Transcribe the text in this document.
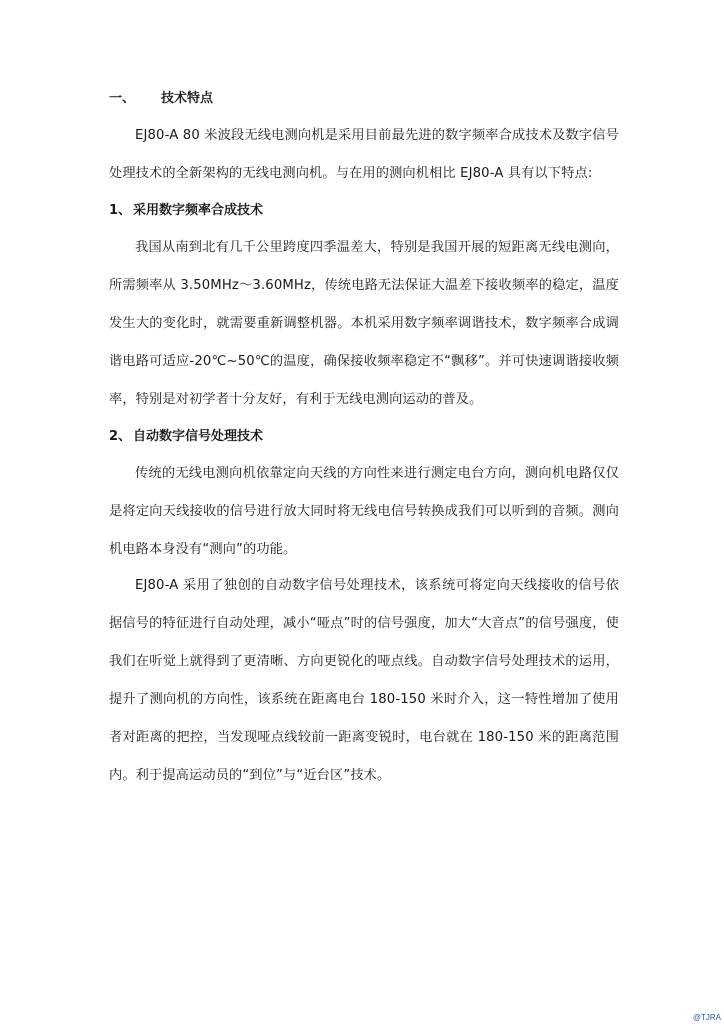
一、 技术特点

EJ80-A 80 米波段无线电测向机是采用目前最先进的数字频率合成技术及数字信号处理技术的全新架构的无线电测向机。与在用的测向机相比 EJ80-A 具有以下特点:

1、 采用数字频率合成技术

我国从南到北有几千公里跨度四季温差大，特别是我国开展的短距离无线电测向，所需频率从 3.50MHz～3.60MHz，传统电路无法保证大温差下接收频率的稳定，温度发生大的变化时，就需要重新调整机器。本机采用数字频率调谐技术，数字频率合成调谐电路可适应-20℃~50℃的温度，确保接收频率稳定不“飘移”。并可快速调谐接收频率，特别是对初学者十分友好，有利于无线电测向运动的普及。

2、 自动数字信号处理技术

传统的无线电测向机依靠定向天线的方向性来进行测定电台方向，测向机电路仅仅是将定向天线接收的信号进行放大同时将无线电信号转换成我们可以听到的音频。测向机电路本身没有“测向”的功能。

EJ80-A 采用了独创的自动数字信号处理技术，该系统可将定向天线接收的信号依据信号的特征进行自动处理，减小“哑点”时的信号强度，加大“大音点”的信号强度，使我们在听觉上就得到了更清晰、方向更锐化的哑点线。自动数字信号处理技术的运用，提升了测向机的方向性，该系统在距离电台 180-150 米时介入，这一特性增加了使用者对距离的把控，当发现哑点线较前一距离变锐时，电台就在 180-150 米的距离范围内。利于提高运动员的“到位”与“近台区”技术。

@TJRA
